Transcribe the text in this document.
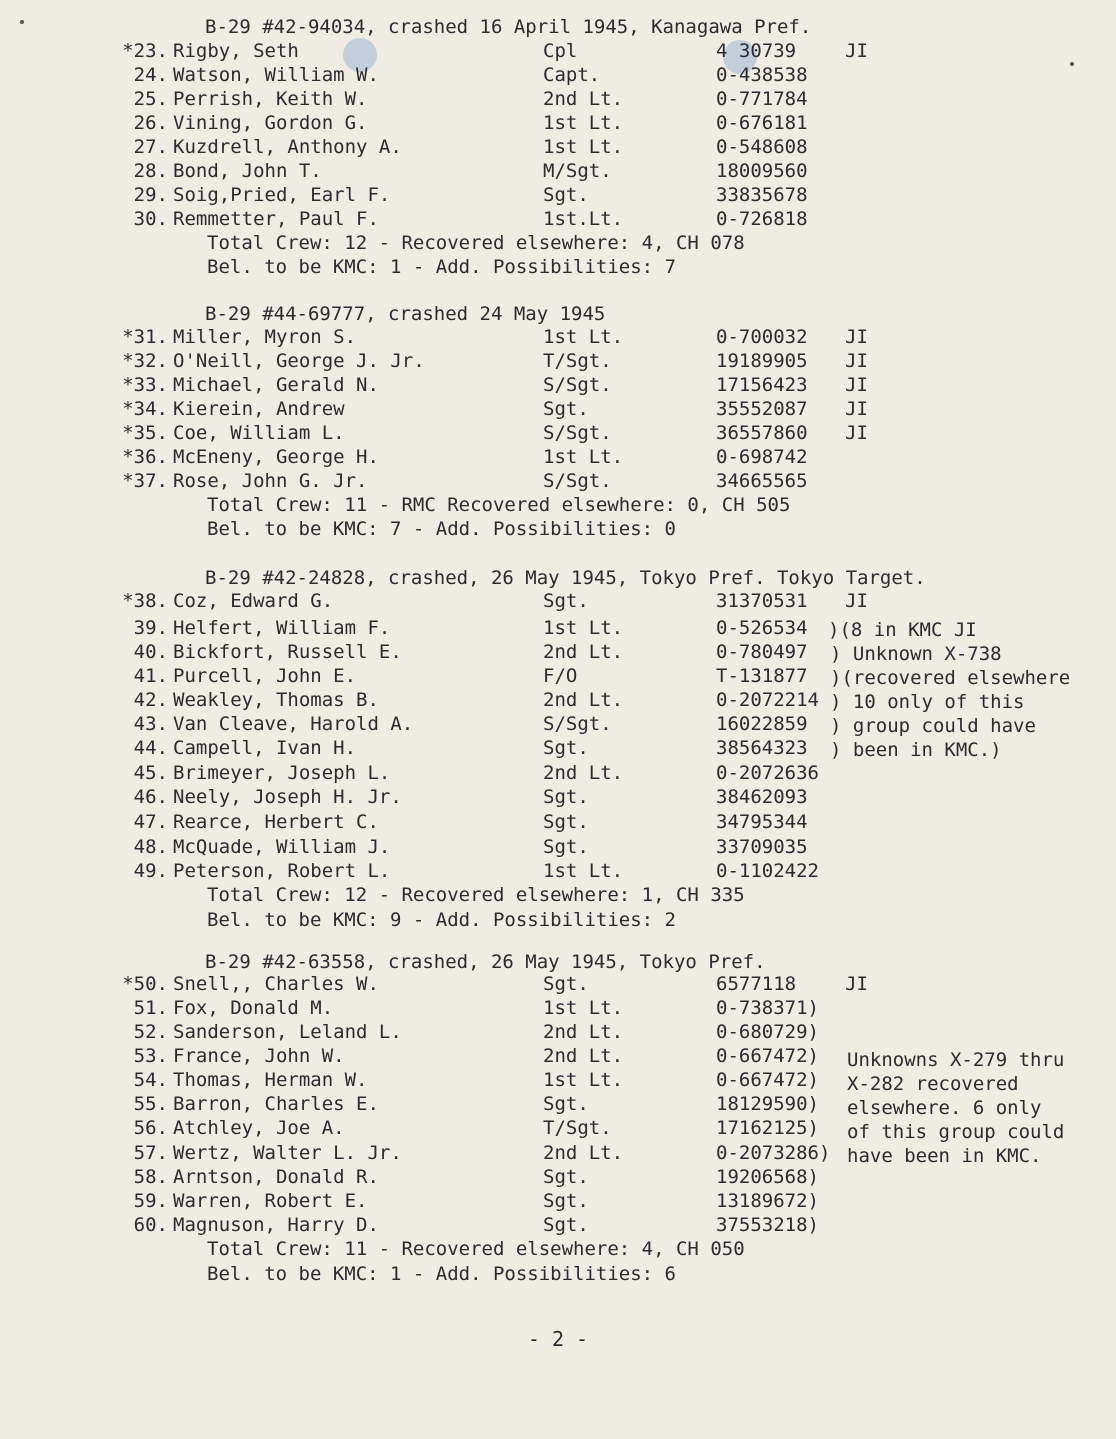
B-29 #42-94034, crashed 16 April 1945, Kanagawa Pref.
*23. Rigby, Seth	Cpl	4 30739	JI
24. Watson, William W.	Capt.	0-438538
25. Perrish, Keith W.	2nd Lt.	0-771784
26. Vining, Gordon G.	1st Lt.	0-676181
27. Kuzdrell, Anthony A.	1st Lt.	0-548608
28. Bond, John T.	M/Sgt.	18009560
29. Soig,Pried, Earl F.	Sgt.	33835678
30. Remmetter, Paul F.	1st.Lt.	0-726818
Total Crew: 12 - Recovered elsewhere: 4, CH 078
Bel. to be KMC: 1 - Add. Possibilities: 7
B-29 #44-69777, crashed 24 May 1945
*31. Miller, Myron S.	1st Lt.	0-700032 JI
*32. O'Neill, George J. Jr.	T/Sgt.	19189905 JI
*33. Michael, Gerald N.	S/Sgt.	17156423 JI
*34. Kierein, Andrew	Sgt.	35552087 JI
*35. Coe, William L.	S/Sgt.	36557860 JI
*36. McEneny, George H.	1st Lt.	0-698742
*37. Rose, John G. Jr.	S/Sgt.	34665565
Total Crew: 11 - RMC Recovered elsewhere: 0, CH 505
Bel. to be KMC: 7 - Add. Possibilities: 0
B-29 #42-24828, crashed, 26 May 1945, Tokyo Pref. Tokyo Target.
*38. Coz, Edward G.	Sgt.	31370531 JI
39. Helfert, William F.	1st Lt.	0-526534
40. Bickfort, Russell E.	2nd Lt.	0-780497
41. Purcell, John E.	F/O	T-131877
42. Weakley, Thomas B.	2nd Lt.	0-2072214
43. Van Cleave, Harold A.	S/Sgt.	16022859
44. Campell, Ivan H.	Sgt.	38564323
45. Brimeyer, Joseph L.	2nd Lt.	0-2072636
46. Neely, Joseph H. Jr.	Sgt.	38462093
47. Rearce, Herbert C.	Sgt.	34795344
48. McQuade, William J.	Sgt.	33709035
49. Peterson, Robert L.	1st Lt.	0-1102422
)(8 in KMC JI
) Unknown X-738
)(recovered elsewhere
) 10 only of this
) group could have
) been in KMC.)
Total Crew: 12 - Recovered elsewhere: 1, CH 335
Bel. to be KMC: 9 - Add. Possibilities: 2
B-29 #42-63558, crashed, 26 May 1945, Tokyo Pref.
*50. Snell,, Charles W.	Sgt.	6577118	JI
51. Fox, Donald M.	1st Lt.	0-738371)
52. Sanderson, Leland L.	2nd Lt.	0-680729)
53. France, John W.	2nd Lt.	0-667472)
54. Thomas, Herman W.	1st Lt.	0-667472)
55. Barron, Charles E.	Sgt.	18129590)
56. Atchley, Joe A.	T/Sgt.	17162125)
57. Wertz, Walter L. Jr.	2nd Lt.	0-2073286)
58. Arntson, Donald R.	Sgt.	19206568)
59. Warren, Robert E.	Sgt.	13189672)
60. Magnuson, Harry D.	Sgt.	37553218)
Unknowns X-279 thru
X-282 recovered
elsewhere. 6 only
of this group could
have been in KMC.
Total Crew: 11 - Recovered elsewhere: 4, CH 050
Bel. to be KMC: 1 - Add. Possibilities: 6
- 2 -
